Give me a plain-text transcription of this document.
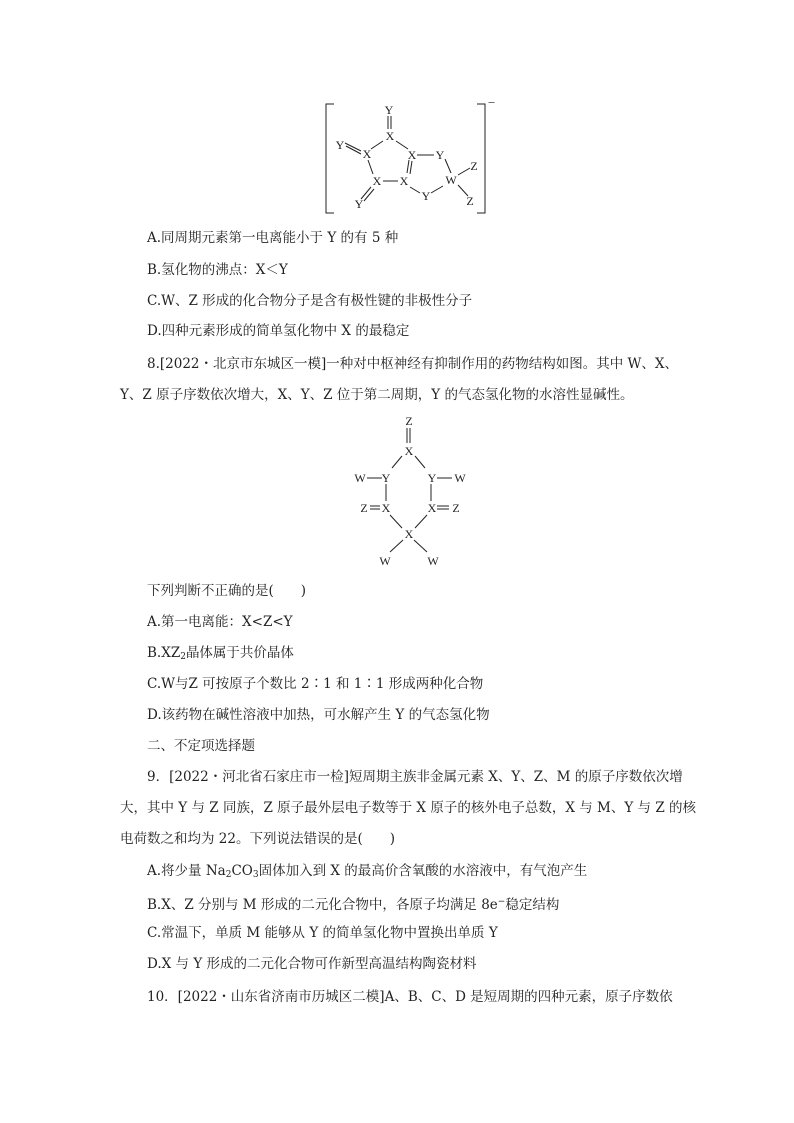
Y
X
Y
X	X Y
X X	W
Z
Z
Y
Y
−
A.同周期元素第一电离能小于 Y 的有 5 种
B.氢化物的沸点：X＜Y
C.W、Z 形成的化合物分子是含有极性键的非极性分子
D.四种元素形成的简单氢化物中 X 的最稳定
8.[2022・北京市东城区一模]一种对中枢神经有抑制作用的药物结构如图。其中 W、X、
Y、Z 原子序数依次增大，X、Y、Z 位于第二周期，Y 的气态氢化物的水溶性显碱性。
Z
X
W Y	Y W
Z X	X Z
X
W	W
下列判断不正确的是(　　)
A.第一电离能：X<Z<Y
$B.XZ_2$晶体属于共价晶体
C.W与Z 可按原子个数比 2∶1 和 1∶1 形成两种化合物
D.该药物在碱性溶液中加热，可水解产生 Y 的气态氢化物
二、不定项选择题
9．[2022・河北省石家庄市一检]短周期主族非金属元素 X、Y、Z、M 的原子序数依次增
大，其中 Y 与 Z 同族，Z 原子最外层电子数等于 X 原子的核外电子总数，X 与 M、Y 与 Z 的核
电荷数之和均为 22。下列说法错误的是(　　)
A.将少量 $Na_2CO_3$固体加入到 X 的最高价含氧酸的水溶液中，有气泡产生
B.X、Z 分别与 M 形成的二元化合物中，各原子均满足 8e−稳定结构
C.常温下，单质 M 能够从 Y 的简单氢化物中置换出单质 Y
D.X 与 Y 形成的二元化合物可作新型高温结构陶瓷材料
10．[2022・山东省济南市历城区二模]A、B、C、D 是短周期的四种元素，原子序数依
